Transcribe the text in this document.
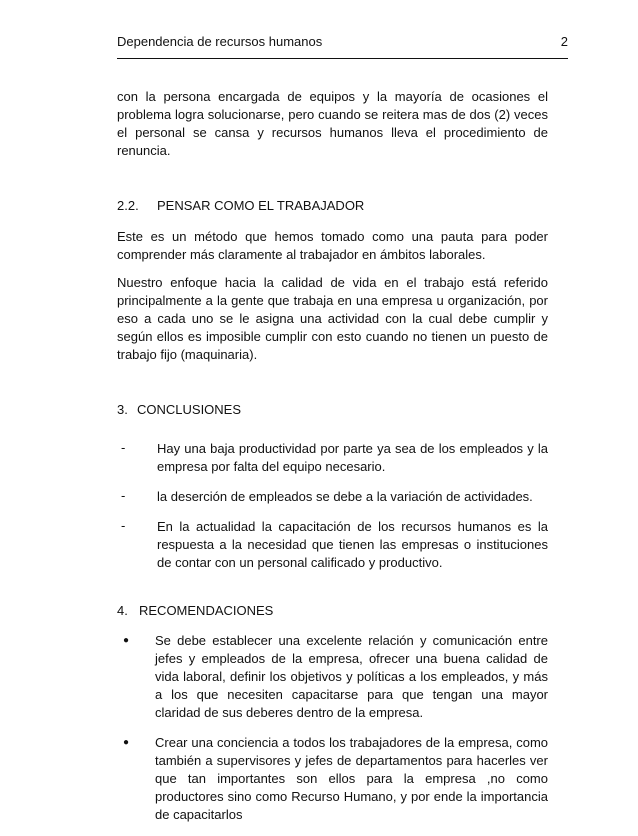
Dependencia de recursos humanos	2

con la persona encargada de equipos y la mayoría de ocasiones el problema logra solucionarse, pero cuando se reitera mas de dos (2) veces el personal se cansa y recursos humanos lleva el procedimiento de renuncia.

2.2.	PENSAR COMO EL TRABAJADOR

Este es un método que hemos tomado como una pauta para poder comprender más claramente al trabajador en ámbitos laborales.

Nuestro enfoque hacia la calidad de vida en el trabajo está referido principalmente a la gente que trabaja en una empresa u organización, por eso a cada uno se le asigna una actividad con la cual debe cumplir y según ellos es imposible cumplir con esto cuando no tienen un puesto de trabajo fijo (maquinaria).

3. CONCLUSIONES
-	Hay una baja productividad por parte ya sea de los empleados y la empresa por falta del equipo necesario.
-	la deserción de empleados se debe a la variación de actividades.
-	En la actualidad la capacitación de los recursos humanos es la respuesta a la necesidad que tienen las empresas o instituciones de contar con un personal calificado y productivo.
4. RECOMENDACIONES
● Se debe establecer una excelente relación y comunicación entre jefes y empleados de la empresa, ofrecer una buena calidad de vida laboral, definir los objetivos y políticas a los empleados, y más a los que necesiten capacitarse para que tengan una mayor claridad de sus deberes dentro de la empresa.
● Crear una conciencia a todos los trabajadores de la empresa, como también a supervisores y jefes de departamentos para hacerles ver que tan importantes son ellos para la empresa ,no como productores sino como Recurso Humano, y por ende la importancia de capacitarlos
